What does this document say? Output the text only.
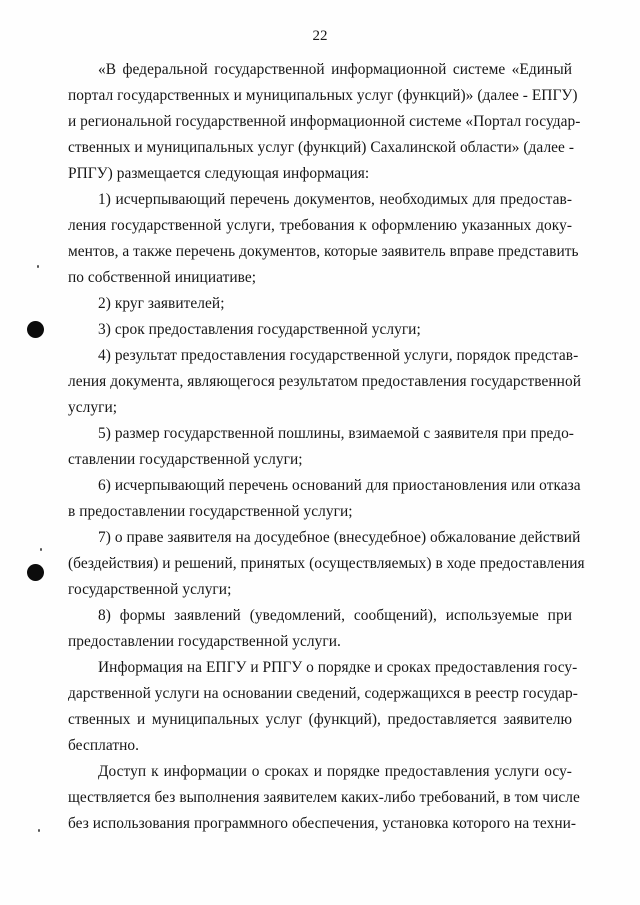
22
«В федеральной государственной информационной системе «Единый
портал государственных и муниципальных услуг (функций)» (далее - ЕПГУ)
и региональной государственной информационной системе «Портал государ-
ственных и муниципальных услуг (функций) Сахалинской области» (далее -
РПГУ) размещается следующая информация:
1) исчерпывающий перечень документов, необходимых для предостав-
ления государственной услуги, требования к оформлению указанных доку-
ментов, а также перечень документов, которые заявитель вправе представить
по собственной инициативе;
2) круг заявителей;
3) срок предоставления государственной услуги;
4) результат предоставления государственной услуги, порядок представ-
ления документа, являющегося результатом предоставления государственной
услуги;
5) размер государственной пошлины, взимаемой с заявителя при предо-
ставлении государственной услуги;
6) исчерпывающий перечень оснований для приостановления или отказа
в предоставлении государственной услуги;
7) о праве заявителя на досудебное (внесудебное) обжалование действий
(бездействия) и решений, принятых (осуществляемых) в ходе предоставления
государственной услуги;
8) формы заявлений (уведомлений, сообщений), используемые при
предоставлении государственной услуги.
Информация на ЕПГУ и РПГУ о порядке и сроках предоставления госу-
дарственной услуги на основании сведений, содержащихся в реестр государ-
ственных и муниципальных услуг (функций), предоставляется заявителю
бесплатно.
Доступ к информации о сроках и порядке предоставления услуги осу-
ществляется без выполнения заявителем каких-либо требований, в том числе
без использования программного обеспечения, установка которого на техни-
